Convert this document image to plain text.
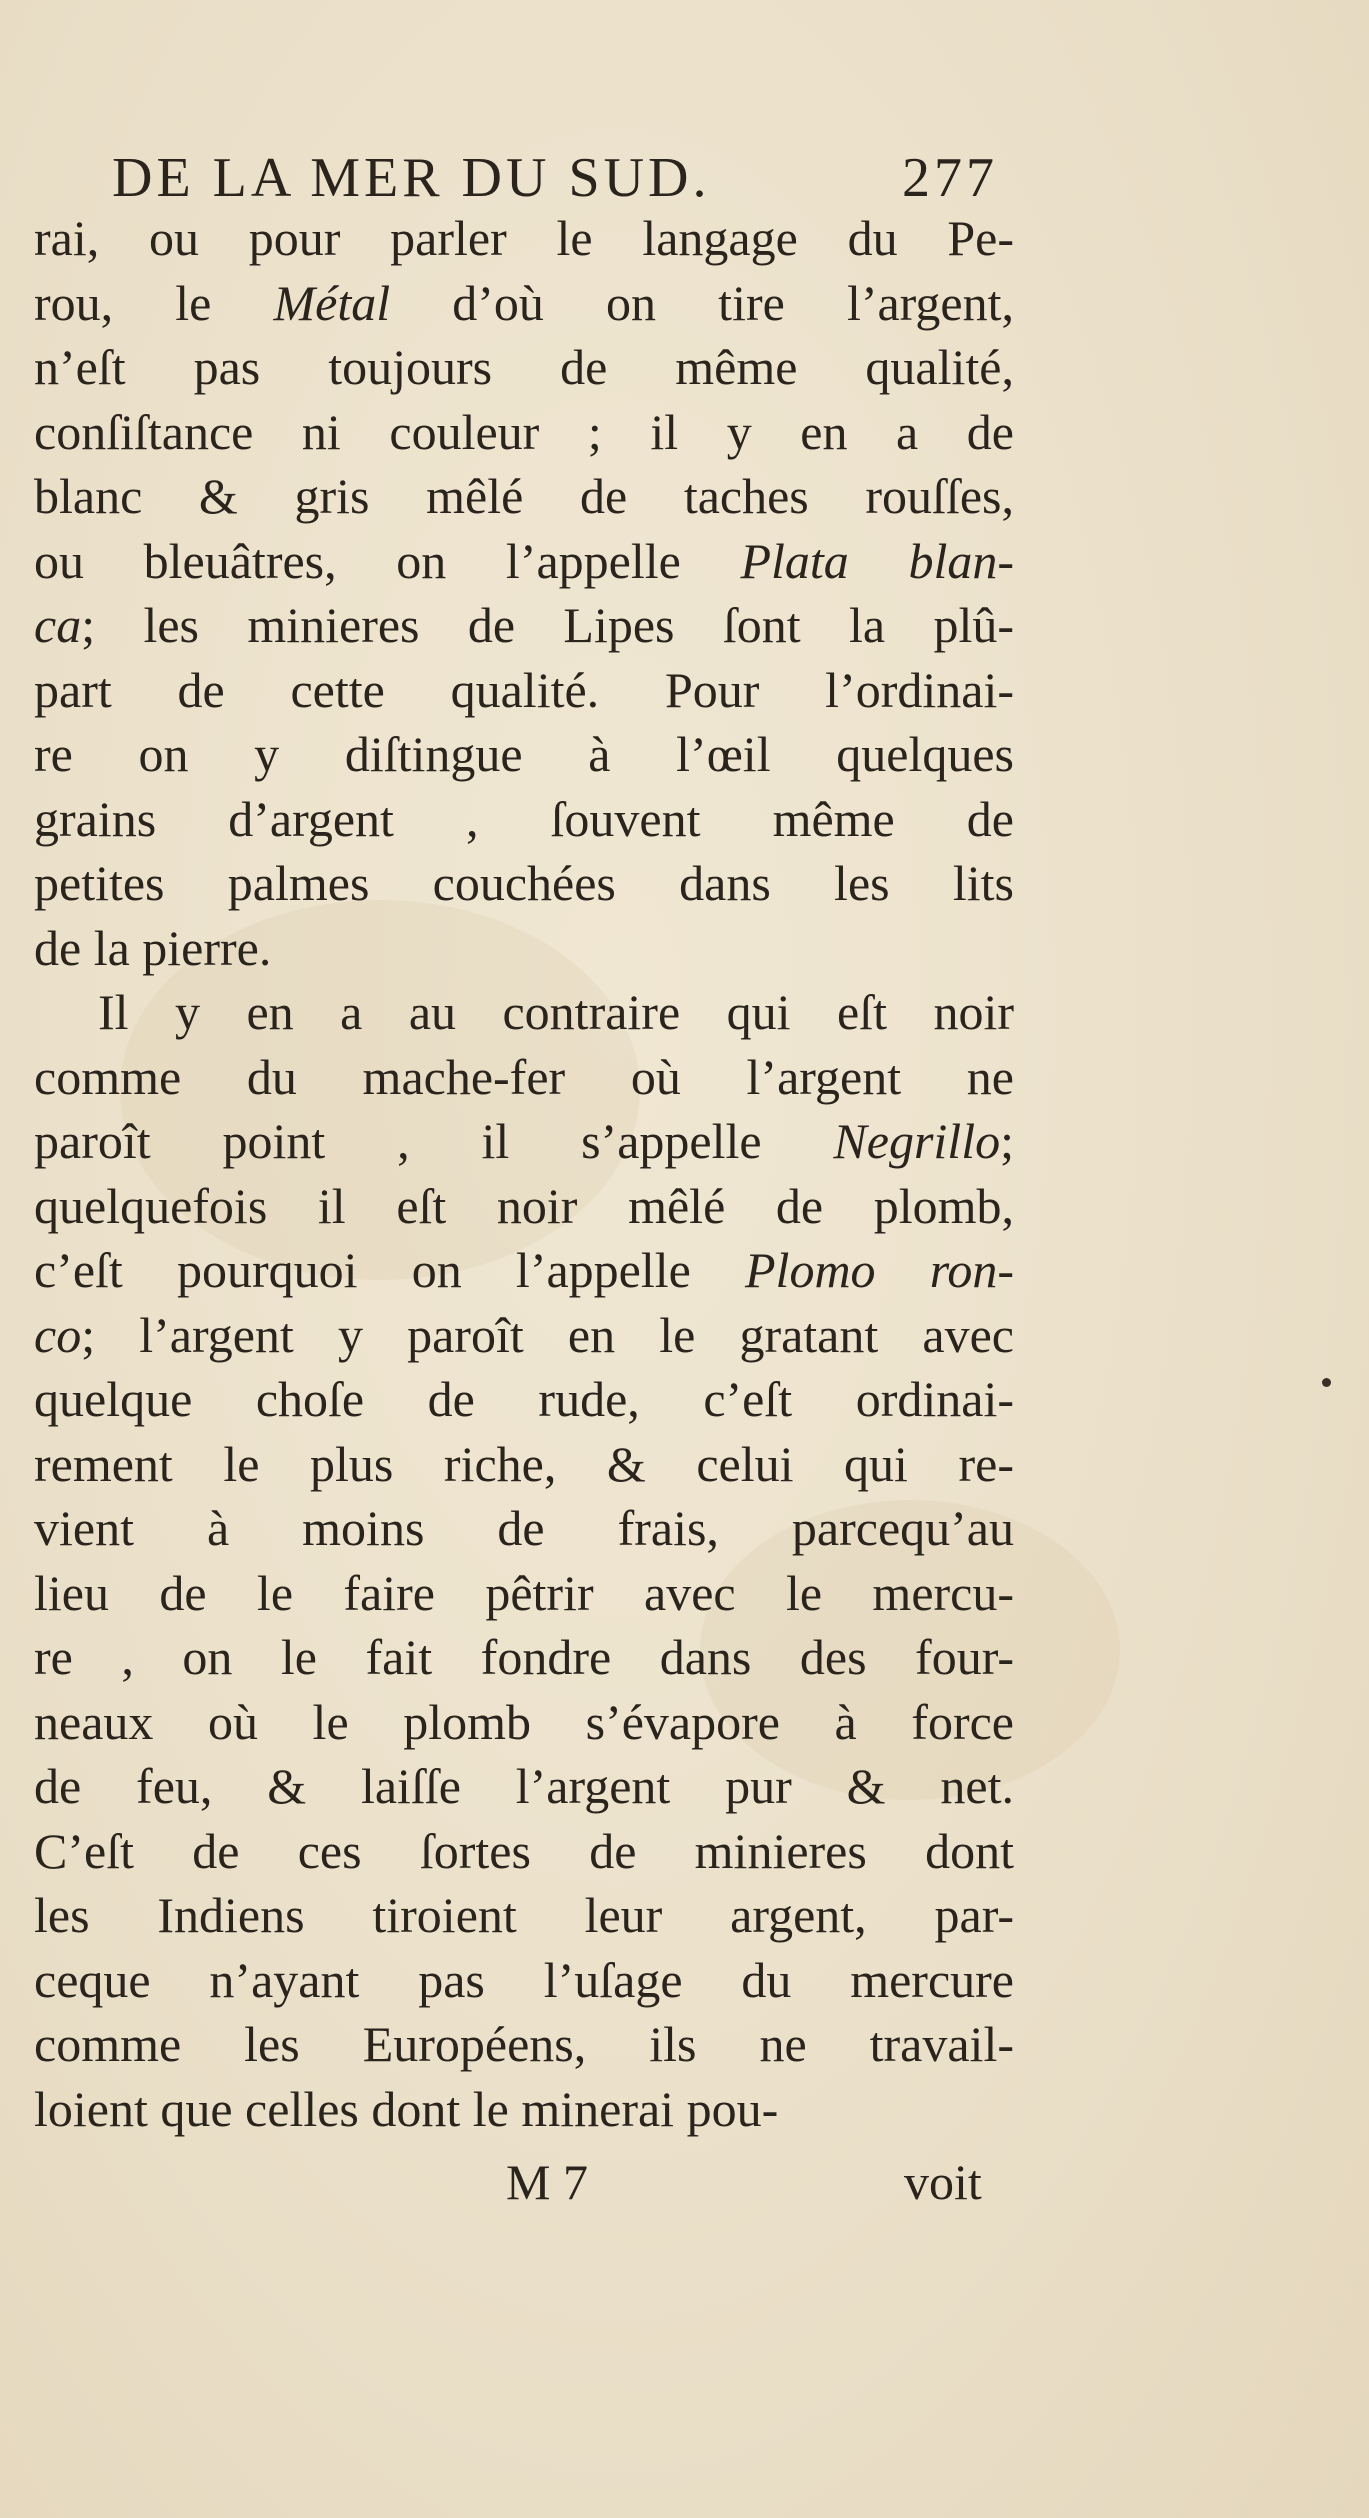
DE LA MER DU SUD.	277
rai, ou pour parler le langage du Pe-
rou, le Métal d’où on tire l’argent,
n’eſt pas toujours de même qualité,
conſiſtance ni couleur ; il y en a de
blanc & gris mêlé de taches rouſſes,
ou bleuâtres, on l’appelle Plata blan-
ca; les minieres de Lipes ſont la plû-
part de cette qualité. Pour l’ordinai-
re on y diſtingue à l’œil quelques
grains d’argent , ſouvent même de
petites palmes couchées dans les lits
de la pierre.
Il y en a au contraire qui eſt noir
comme du mache-fer où l’argent ne
paroît point , il s’appelle Negrillo;
quelquefois il eſt noir mêlé de plomb,
c’eſt pourquoi on l’appelle Plomo ron-
co; l’argent y paroît en le gratant avec
quelque choſe de rude, c’eſt ordinai-
rement le plus riche, & celui qui re-
vient à moins de frais, parcequ’au
lieu de le faire pêtrir avec le mercu-
re , on le fait fondre dans des four-
neaux où le plomb s’évapore à force
de feu, & laiſſe l’argent pur & net.
C’eſt de ces ſortes de minieres dont
les Indiens tiroient leur argent, par-
ceque n’ayant pas l’uſage du mercure
comme les Européens, ils ne travail-
loient que celles dont le minerai pou-
M 7	voit
